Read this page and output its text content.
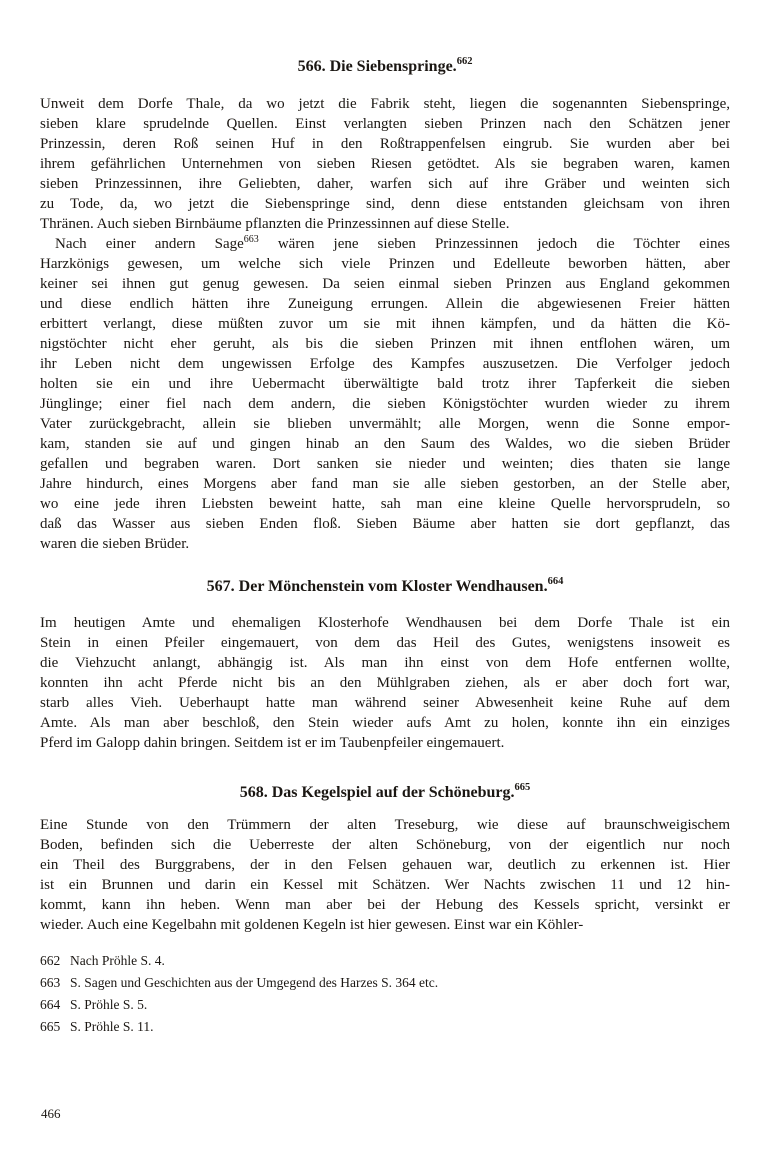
566. Die Siebenspringe.$^{662}$
Unweit dem Dorfe Thale, da wo jetzt die Fabrik steht, liegen die sogenannten Siebenspringe,
sieben klare sprudelnde Quellen. Einst verlangten sieben Prinzen nach den Schätzen jener
Prinzessin, deren Roß seinen Huf in den Roßtrappenfelsen eingrub. Sie wurden aber bei
ihrem gefährlichen Unternehmen von sieben Riesen getödtet. Als sie begraben waren, kamen
sieben Prinzessinnen, ihre Geliebten, daher, warfen sich auf ihre Gräber und weinten sich
zu Tode, da, wo jetzt die Siebenspringe sind, denn diese entstanden gleichsam von ihren
Thränen. Auch sieben Birnbäume pflanzten die Prinzessinnen auf diese Stelle.
Nach einer andern Sage$^{663}$ wären jene sieben Prinzessinnen jedoch die Töchter eines
Harzkönigs gewesen, um welche sich viele Prinzen und Edelleute beworben hätten, aber
keiner sei ihnen gut genug gewesen. Da seien einmal sieben Prinzen aus England gekommen
und diese endlich hätten ihre Zuneigung errungen. Allein die abgewiesenen Freier hätten
erbittert verlangt, diese müßten zuvor um sie mit ihnen kämpfen, und da hätten die Kö-
nigstöchter nicht eher geruht, als bis die sieben Prinzen mit ihnen entflohen wären, um
ihr Leben nicht dem ungewissen Erfolge des Kampfes auszusetzen. Die Verfolger jedoch
holten sie ein und ihre Uebermacht überwältigte bald trotz ihrer Tapferkeit die sieben
Jünglinge; einer fiel nach dem andern, die sieben Königstöchter wurden wieder zu ihrem
Vater zurückgebracht, allein sie blieben unvermählt; alle Morgen, wenn die Sonne empor-
kam, standen sie auf und gingen hinab an den Saum des Waldes, wo die sieben Brüder
gefallen und begraben waren. Dort sanken sie nieder und weinten; dies thaten sie lange
Jahre hindurch, eines Morgens aber fand man sie alle sieben gestorben, an der Stelle aber,
wo eine jede ihren Liebsten beweint hatte, sah man eine kleine Quelle hervorsprudeln, so
daß das Wasser aus sieben Enden floß. Sieben Bäume aber hatten sie dort gepflanzt, das
waren die sieben Brüder.
567. Der Mönchenstein vom Kloster Wendhausen.$^{664}$
Im heutigen Amte und ehemaligen Klosterhofe Wendhausen bei dem Dorfe Thale ist ein
Stein in einen Pfeiler eingemauert, von dem das Heil des Gutes, wenigstens insoweit es
die Viehzucht anlangt, abhängig ist. Als man ihn einst von dem Hofe entfernen wollte,
konnten ihn acht Pferde nicht bis an den Mühlgraben ziehen, als er aber doch fort war,
starb alles Vieh. Ueberhaupt hatte man während seiner Abwesenheit keine Ruhe auf dem
Amte. Als man aber beschloß, den Stein wieder aufs Amt zu holen, konnte ihn ein einziges
Pferd im Galopp dahin bringen. Seitdem ist er im Taubenpfeiler eingemauert.
568. Das Kegelspiel auf der Schöneburg.$^{665}$
Eine Stunde von den Trümmern der alten Treseburg, wie diese auf braunschweigischem
Boden, befinden sich die Ueberreste der alten Schöneburg, von der eigentlich nur noch
ein Theil des Burggrabens, der in den Felsen gehauen war, deutlich zu erkennen ist. Hier
ist ein Brunnen und darin ein Kessel mit Schätzen. Wer Nachts zwischen 11 und 12 hin-
kommt, kann ihn heben. Wenn man aber bei der Hebung des Kessels spricht, versinkt er
wieder. Auch eine Kegelbahn mit goldenen Kegeln ist hier gewesen. Einst war ein Köhler-
662 Nach Pröhle S. 4.
663 S. Sagen und Geschichten aus der Umgegend des Harzes S. 364 etc.
664 S. Pröhle S. 5.
665 S. Pröhle S. 11.
466
